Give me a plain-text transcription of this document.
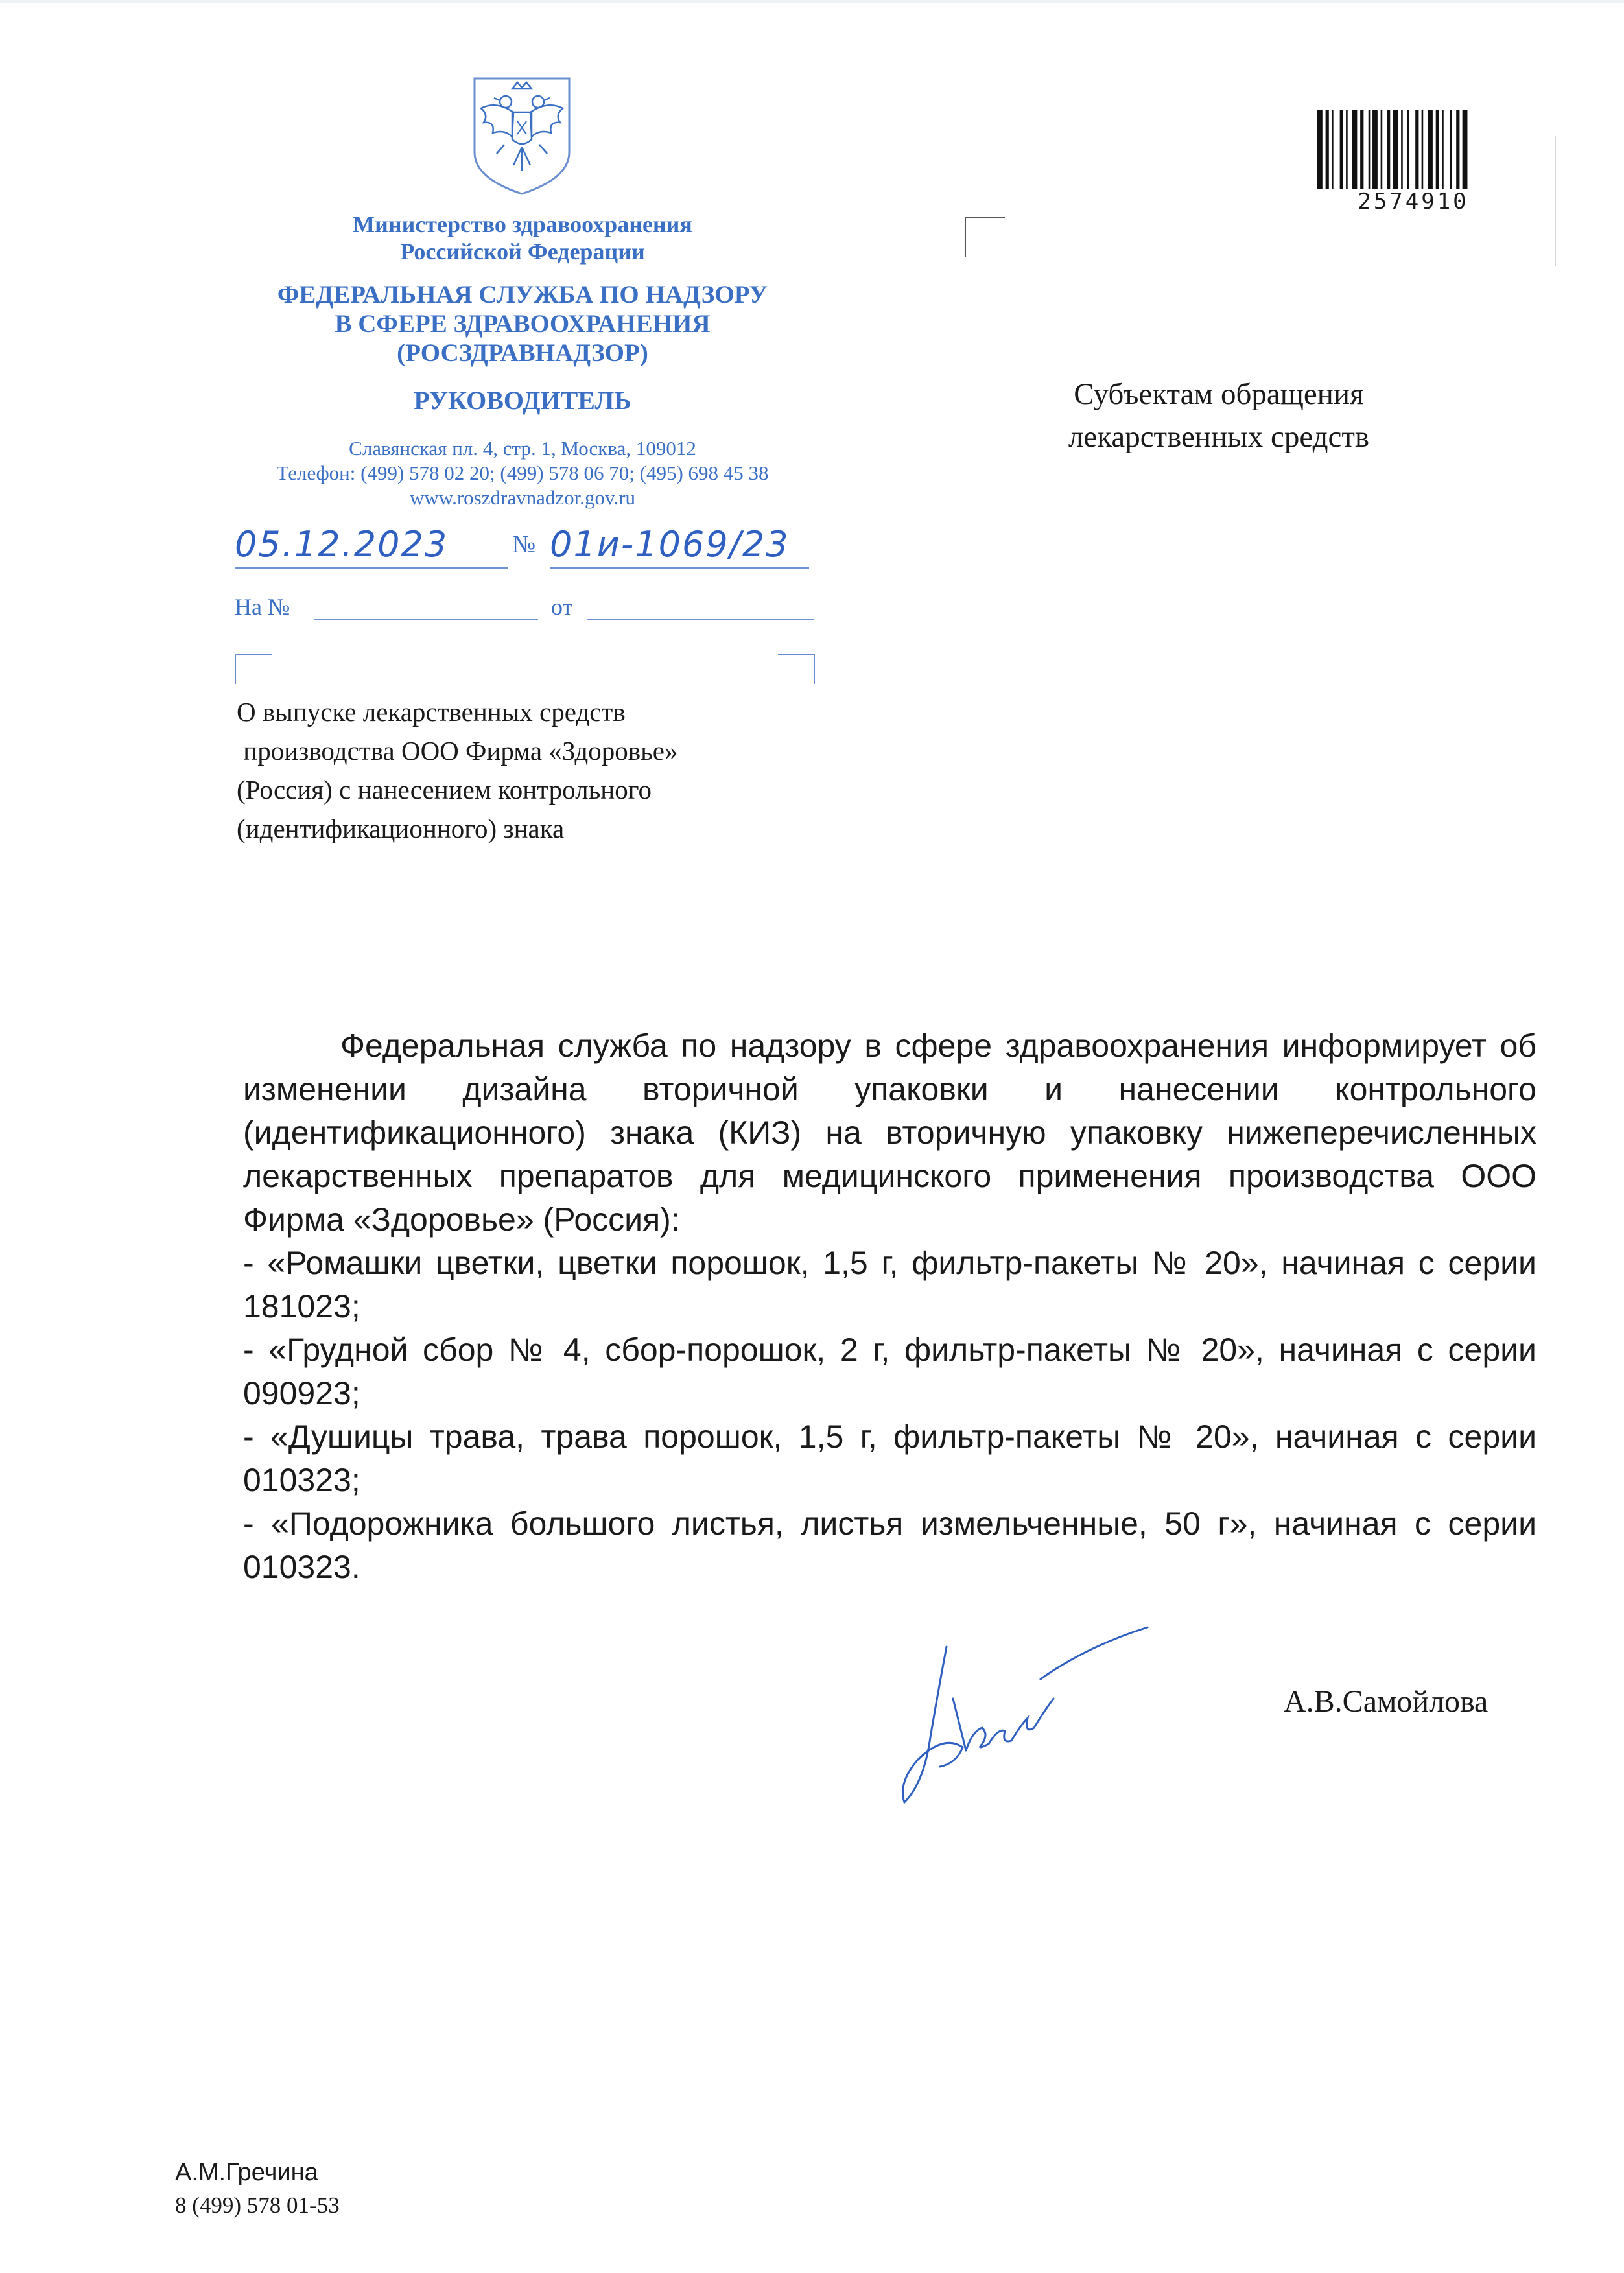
Министерство здравоохранения
Российской Федерации
ФЕДЕРАЛЬНАЯ СЛУЖБА ПО НАДЗОРУ
В СФЕРЕ ЗДРАВООХРАНЕНИЯ
(РОСЗДРАВНАДЗОР)
РУКОВОДИТЕЛЬ
Славянская пл. 4, стр. 1, Москва, 109012
Телефон: (499) 578 02 20; (499) 578 06 70; (495) 698 45 38
www.roszdravnadzor.gov.ru
05.12.2023	№ 01и-1069/23
На №	от
О выпуске лекарственных средств
производства ООО Фирма «Здоровье»
(Россия) с нанесением контрольного
(идентификационного) знака
Субъектам обращения
лекарственных средств
2574910

Федеральная служба по надзору в сфере здравоохранения информирует об изменении дизайна вторичной упаковки и нанесении контрольного (идентификационного) знака (КИЗ) на вторичную упаковку нижеперечисленных лекарственных препаратов для медицинского применения производства ООО Фирма «Здоровье» (Россия):

- «Ромашки цветки, цветки порошок, 1,5 г, фильтр-пакеты № 20», начиная с серии 181023;

- «Грудной сбор № 4, сбор-порошок, 2 г, фильтр-пакеты № 20», начиная с серии 090923;

- «Душицы трава, трава порошок, 1,5 г, фильтр-пакеты № 20», начиная с серии 010323;

- «Подорожника большого листья, листья измельченные, 50 г», начиная с серии 010323.

А.В.Самойлова
А.М.Гречина
8 (499) 578 01-53
